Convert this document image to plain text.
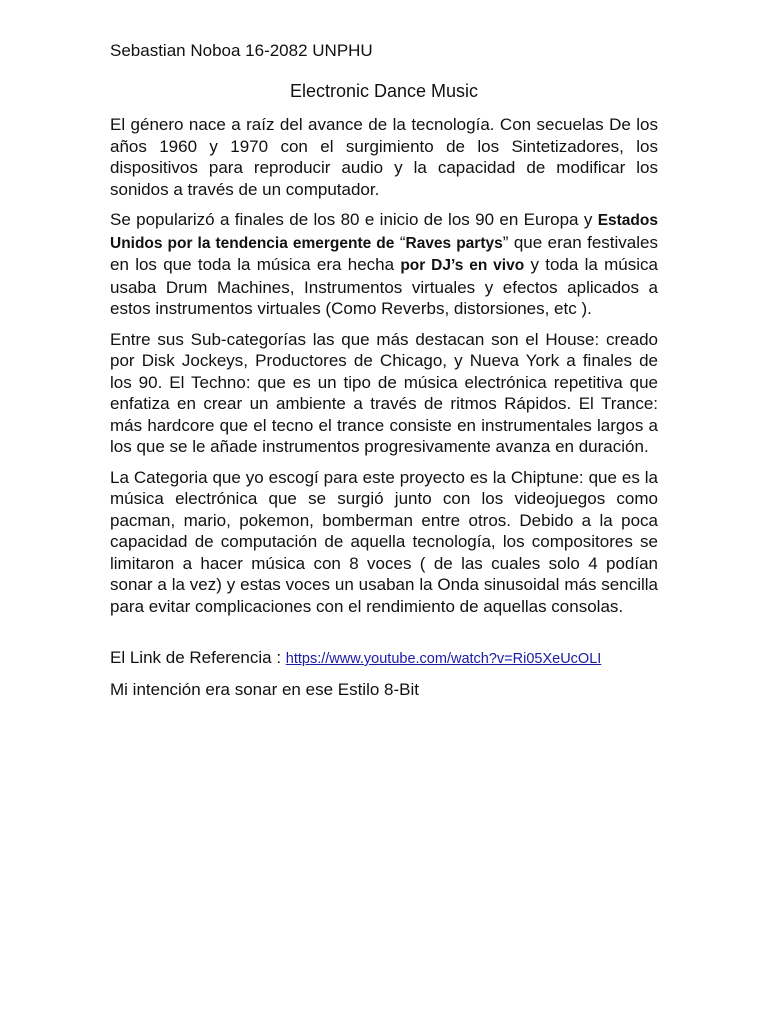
Sebastian Noboa 16-2082 UNPHU

Electronic Dance Music

El género nace a raíz del avance de la tecnología. Con secuelas De los años 1960 y 1970 con el surgimiento de los Sintetizadores, los dispositivos para reproducir audio y la capacidad de modificar los sonidos a través de un computador.

Se popularizó a finales de los 80 e inicio de los 90 en Europa y Estados Unidos por la tendencia emergente de “Raves partys” que eran festivales en los que toda la música era hecha por DJ’s en vivo y toda la música usaba Drum Machines, Instrumentos virtuales y efectos aplicados a estos instrumentos virtuales (Como Reverbs, distorsiones, etc ).

Entre sus Sub-categorías las que más destacan son el House: creado por Disk Jockeys, Productores de Chicago, y Nueva York a finales de los 90. El Techno: que es un tipo de música electrónica repetitiva que enfatiza en crear un ambiente a través de ritmos Rápidos. El Trance: más hardcore que el tecno el trance consiste en instrumentales largos a los que se le añade instrumentos progresivamente avanza en duración.

La Categoria que yo escogí para este proyecto es la Chiptune: que es la música electrónica que se surgió junto con los videojuegos como pacman, mario, pokemon, bomberman entre otros. Debido a la poca capacidad de computación de aquella tecnología, los compositores se limitaron a hacer música con 8 voces ( de las cuales solo 4 podían sonar a la vez) y estas voces un usaban la Onda sinusoidal más sencilla para evitar complicaciones con el rendimiento de aquellas consolas.

El Link de Referencia : https://www.youtube.com/watch?v=Ri05XeUcOLI

Mi intención era sonar en ese Estilo 8-Bit
